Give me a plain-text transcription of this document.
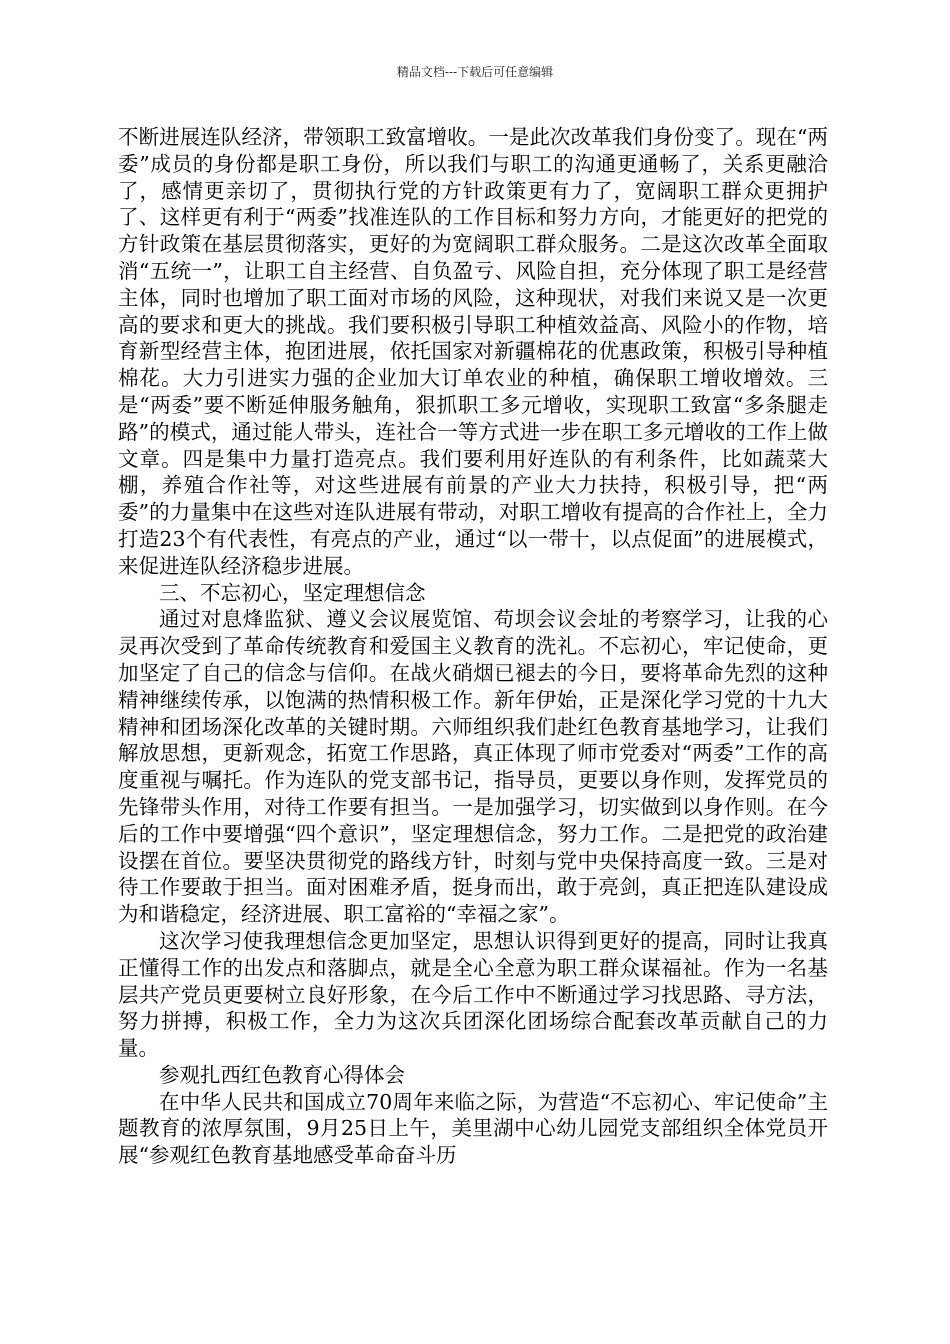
精品文档---下载后可任意编辑

不断进展连队经济，带领职工致富增收。一是此次改革我们身份变了。现在“两委”成员的身份都是职工身份，所以我们与职工的沟通更通畅了，关系更融洽了，感情更亲切了，贯彻执行党的方针政策更有力了，宽阔职工群众更拥护了、这样更有利于“两委”找准连队的工作目标和努力方向，才能更好的把党的方针政策在基层贯彻落实，更好的为宽阔职工群众服务。二是这次改革全面取消“五统一”，让职工自主经营、自负盈亏、风险自担，充分体现了职工是经营主体，同时也增加了职工面对市场的风险，这种现状，对我们来说又是一次更高的要求和更大的挑战。我们要积极引导职工种植效益高、风险小的作物，培育新型经营主体，抱团进展，依托国家对新疆棉花的优惠政策，积极引导种植棉花。大力引进实力强的企业加大订单农业的种植，确保职工增收增效。三是“两委”要不断延伸服务触角，狠抓职工多元增收，实现职工致富“多条腿走路”的模式，通过能人带头，连社合一等方式进一步在职工多元增收的工作上做文章。四是集中力量打造亮点。我们要利用好连队的有利条件，比如蔬菜大棚，养殖合作社等，对这些进展有前景的产业大力扶持，积极引导，把“两委”的力量集中在这些对连队进展有带动，对职工增收有提高的合作社上，全力打造23个有代表性，有亮点的产业，通过“以一带十，以点促面”的进展模式，来促进连队经济稳步进展。

三、不忘初心，坚定理想信念

通过对息烽监狱、遵义会议展览馆、苟坝会议会址的考察学习，让我的心灵再次受到了革命传统教育和爱国主义教育的洗礼。不忘初心，牢记使命，更加坚定了自己的信念与信仰。在战火硝烟已褪去的今日，要将革命先烈的这种精神继续传承，以饱满的热情积极工作。新年伊始，正是深化学习党的十九大精神和团场深化改革的关键时期。六师组织我们赴红色教育基地学习，让我们解放思想，更新观念，拓宽工作思路，真正体现了师市党委对“两委”工作的高度重视与嘱托。作为连队的党支部书记，指导员，更要以身作则，发挥党员的先锋带头作用，对待工作要有担当。一是加强学习，切实做到以身作则。在今后的工作中要增强“四个意识”，坚定理想信念，努力工作。二是把党的政治建设摆在首位。要坚决贯彻党的路线方针，时刻与党中央保持高度一致。三是对待工作要敢于担当。面对困难矛盾，挺身而出，敢于亮剑，真正把连队建设成为和谐稳定，经济进展、职工富裕的“幸福之家”。

这次学习使我理想信念更加坚定，思想认识得到更好的提高，同时让我真正懂得工作的出发点和落脚点，就是全心全意为职工群众谋福祉。作为一名基层共产党员更要树立良好形象，在今后工作中不断通过学习找思路、寻方法，努力拼搏，积极工作，全力为这次兵团深化团场综合配套改革贡献自己的力量。

参观扎西红色教育心得体会

在中华人民共和国成立70周年来临之际，为营造“不忘初心、牢记使命”主题教育的浓厚氛围，9月25日上午，美里湖中心幼儿园党支部组织全体党员开展“参观红色教育基地感受革命奋斗历
